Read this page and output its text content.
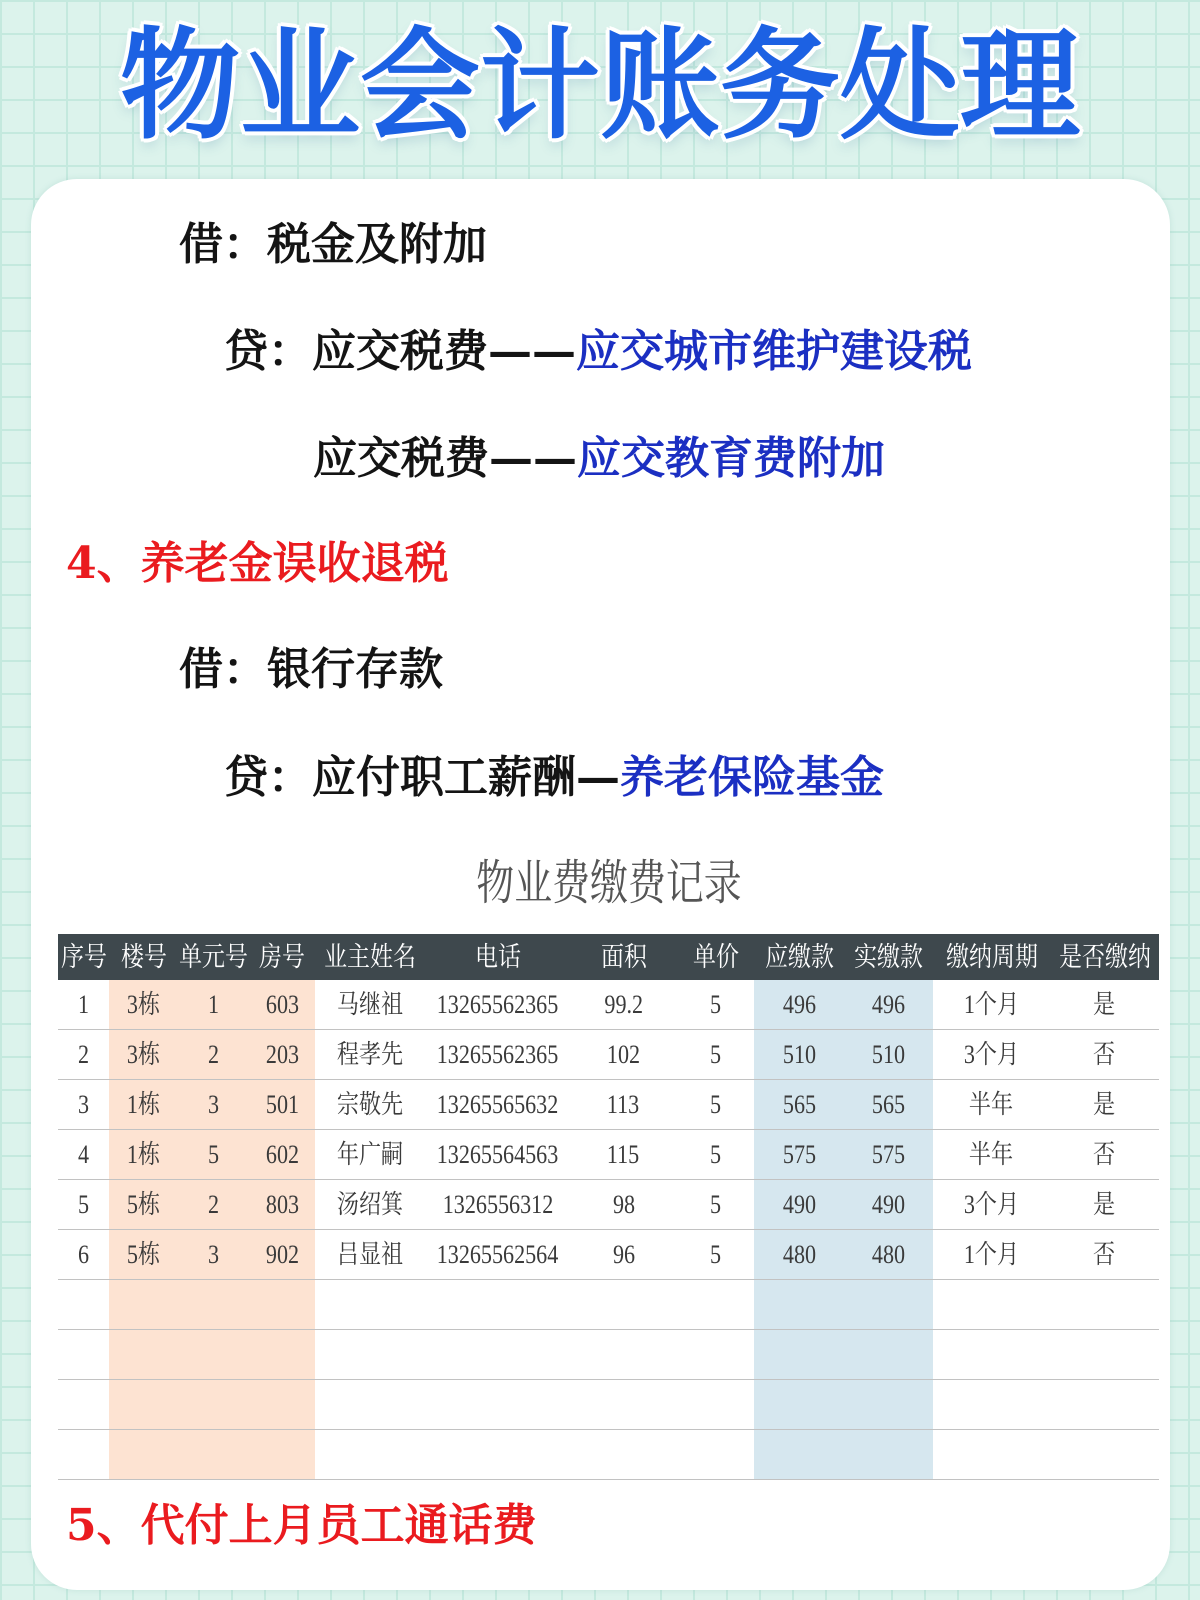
物业会计账务处理
借：税金及附加
贷：应交税费——应交城市维护建设税
应交税费——应交教育费附加
4、养老金误收退税
借：银行存款
贷：应付职工薪酬—养老保险基金
物业费缴费记录
序号 楼号 单元号 房号 业主姓名 电话	面积 单价 应缴款 实缴款 缴纳周期 是否缴纳
1 3栋 1 603 马继祖 13265562365 99.2	5 496 496 1个月	是
2 3栋 2 203 程孝先 13265562365 102	5 510 510 3个月	否
3 1栋 3 501 宗敬先 13265565632 113	5 565 565 半年	是
4 1栋 5 602 年广嗣 13265564563 115	5 575 575 半年	否
5 5栋 2 803 汤绍箕 1326556312 98	5 490 490 3个月	是
6 5栋 3 902 吕显祖 13265562564 96	5 480 480 1个月	否
5、代付上月员工通话费
